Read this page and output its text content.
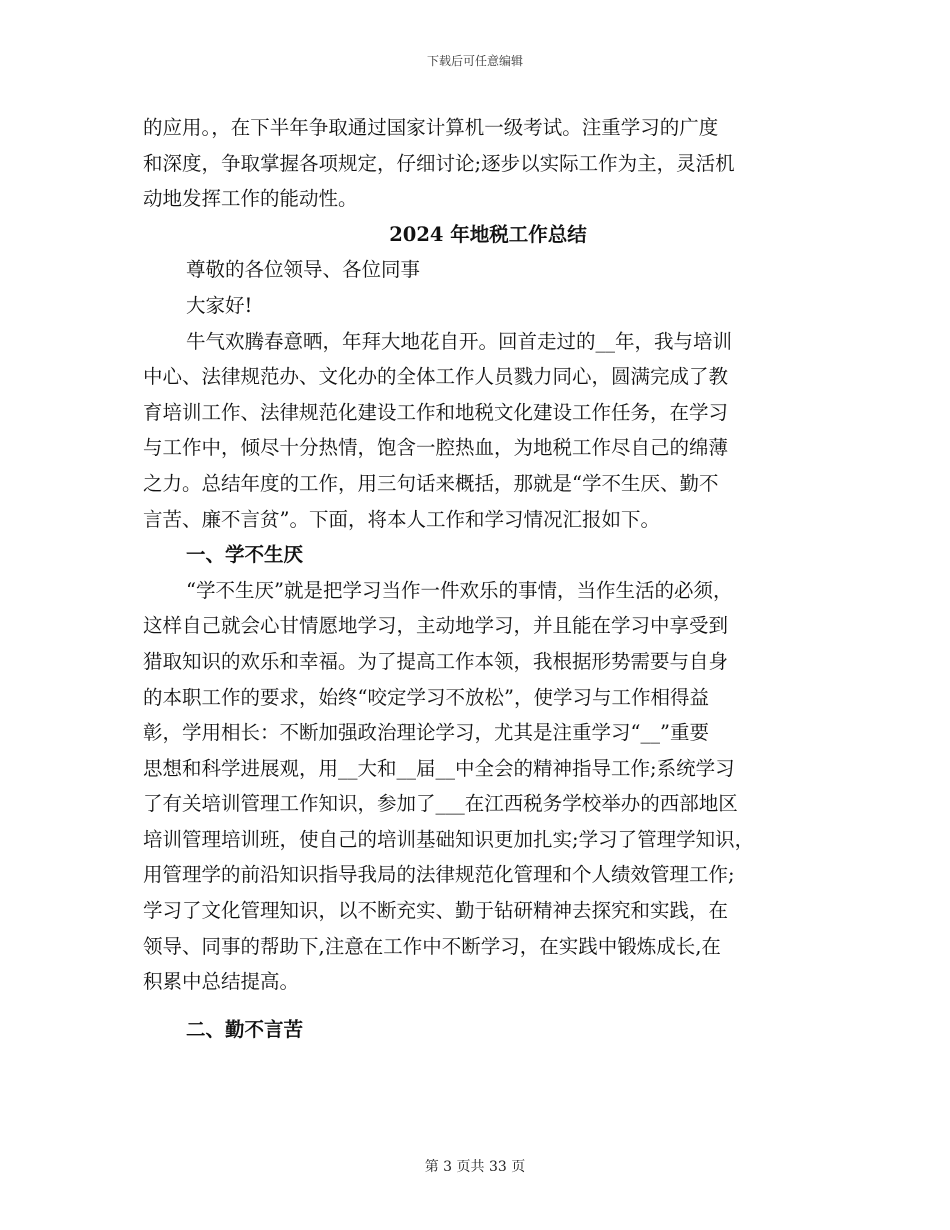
下载后可任意编辑
的应用。，在下半年争取通过国家计算机一级考试。注重学习的广度
和深度，争取掌握各项规定，仔细讨论;逐步以实际工作为主，灵活机
动地发挥工作的能动性。
2024 年地税工作总结
尊敬的各位领导、各位同事
大家好!
牛气欢腾春意晒，年拜大地花自开。回首走过的__年，我与培训
中心、法律规范办、文化办的全体工作人员戮力同心，圆满完成了教
育培训工作、法律规范化建设工作和地税文化建设工作任务，在学习
与工作中，倾尽十分热情，饱含一腔热血，为地税工作尽自己的绵薄
之力。总结年度的工作，用三句话来概括，那就是“学不生厌、勤不
言苦、廉不言贫”。下面，将本人工作和学习情况汇报如下。
一、学不生厌
“学不生厌”就是把学习当作一件欢乐的事情，当作生活的必须，
这样自己就会心甘情愿地学习，主动地学习，并且能在学习中享受到
猎取知识的欢乐和幸福。为了提高工作本领，我根据形势需要与自身
的本职工作的要求，始终“咬定学习不放松”，使学习与工作相得益
彰，学用相长：不断加强政治理论学习，尤其是注重学习“__”重要
思想和科学进展观，用__大和__届__中全会的精神指导工作;系统学习
了有关培训管理工作知识，参加了___在江西税务学校举办的西部地区
培训管理培训班，使自己的培训基础知识更加扎实;学习了管理学知识，
用管理学的前沿知识指导我局的法律规范化管理和个人绩效管理工作;
学习了文化管理知识，以不断充实、勤于钻研精神去探究和实践，在
领导、同事的帮助下,注意在工作中不断学习，在实践中锻炼成长,在
积累中总结提高。
二、勤不言苦
第 3 页共 33 页
